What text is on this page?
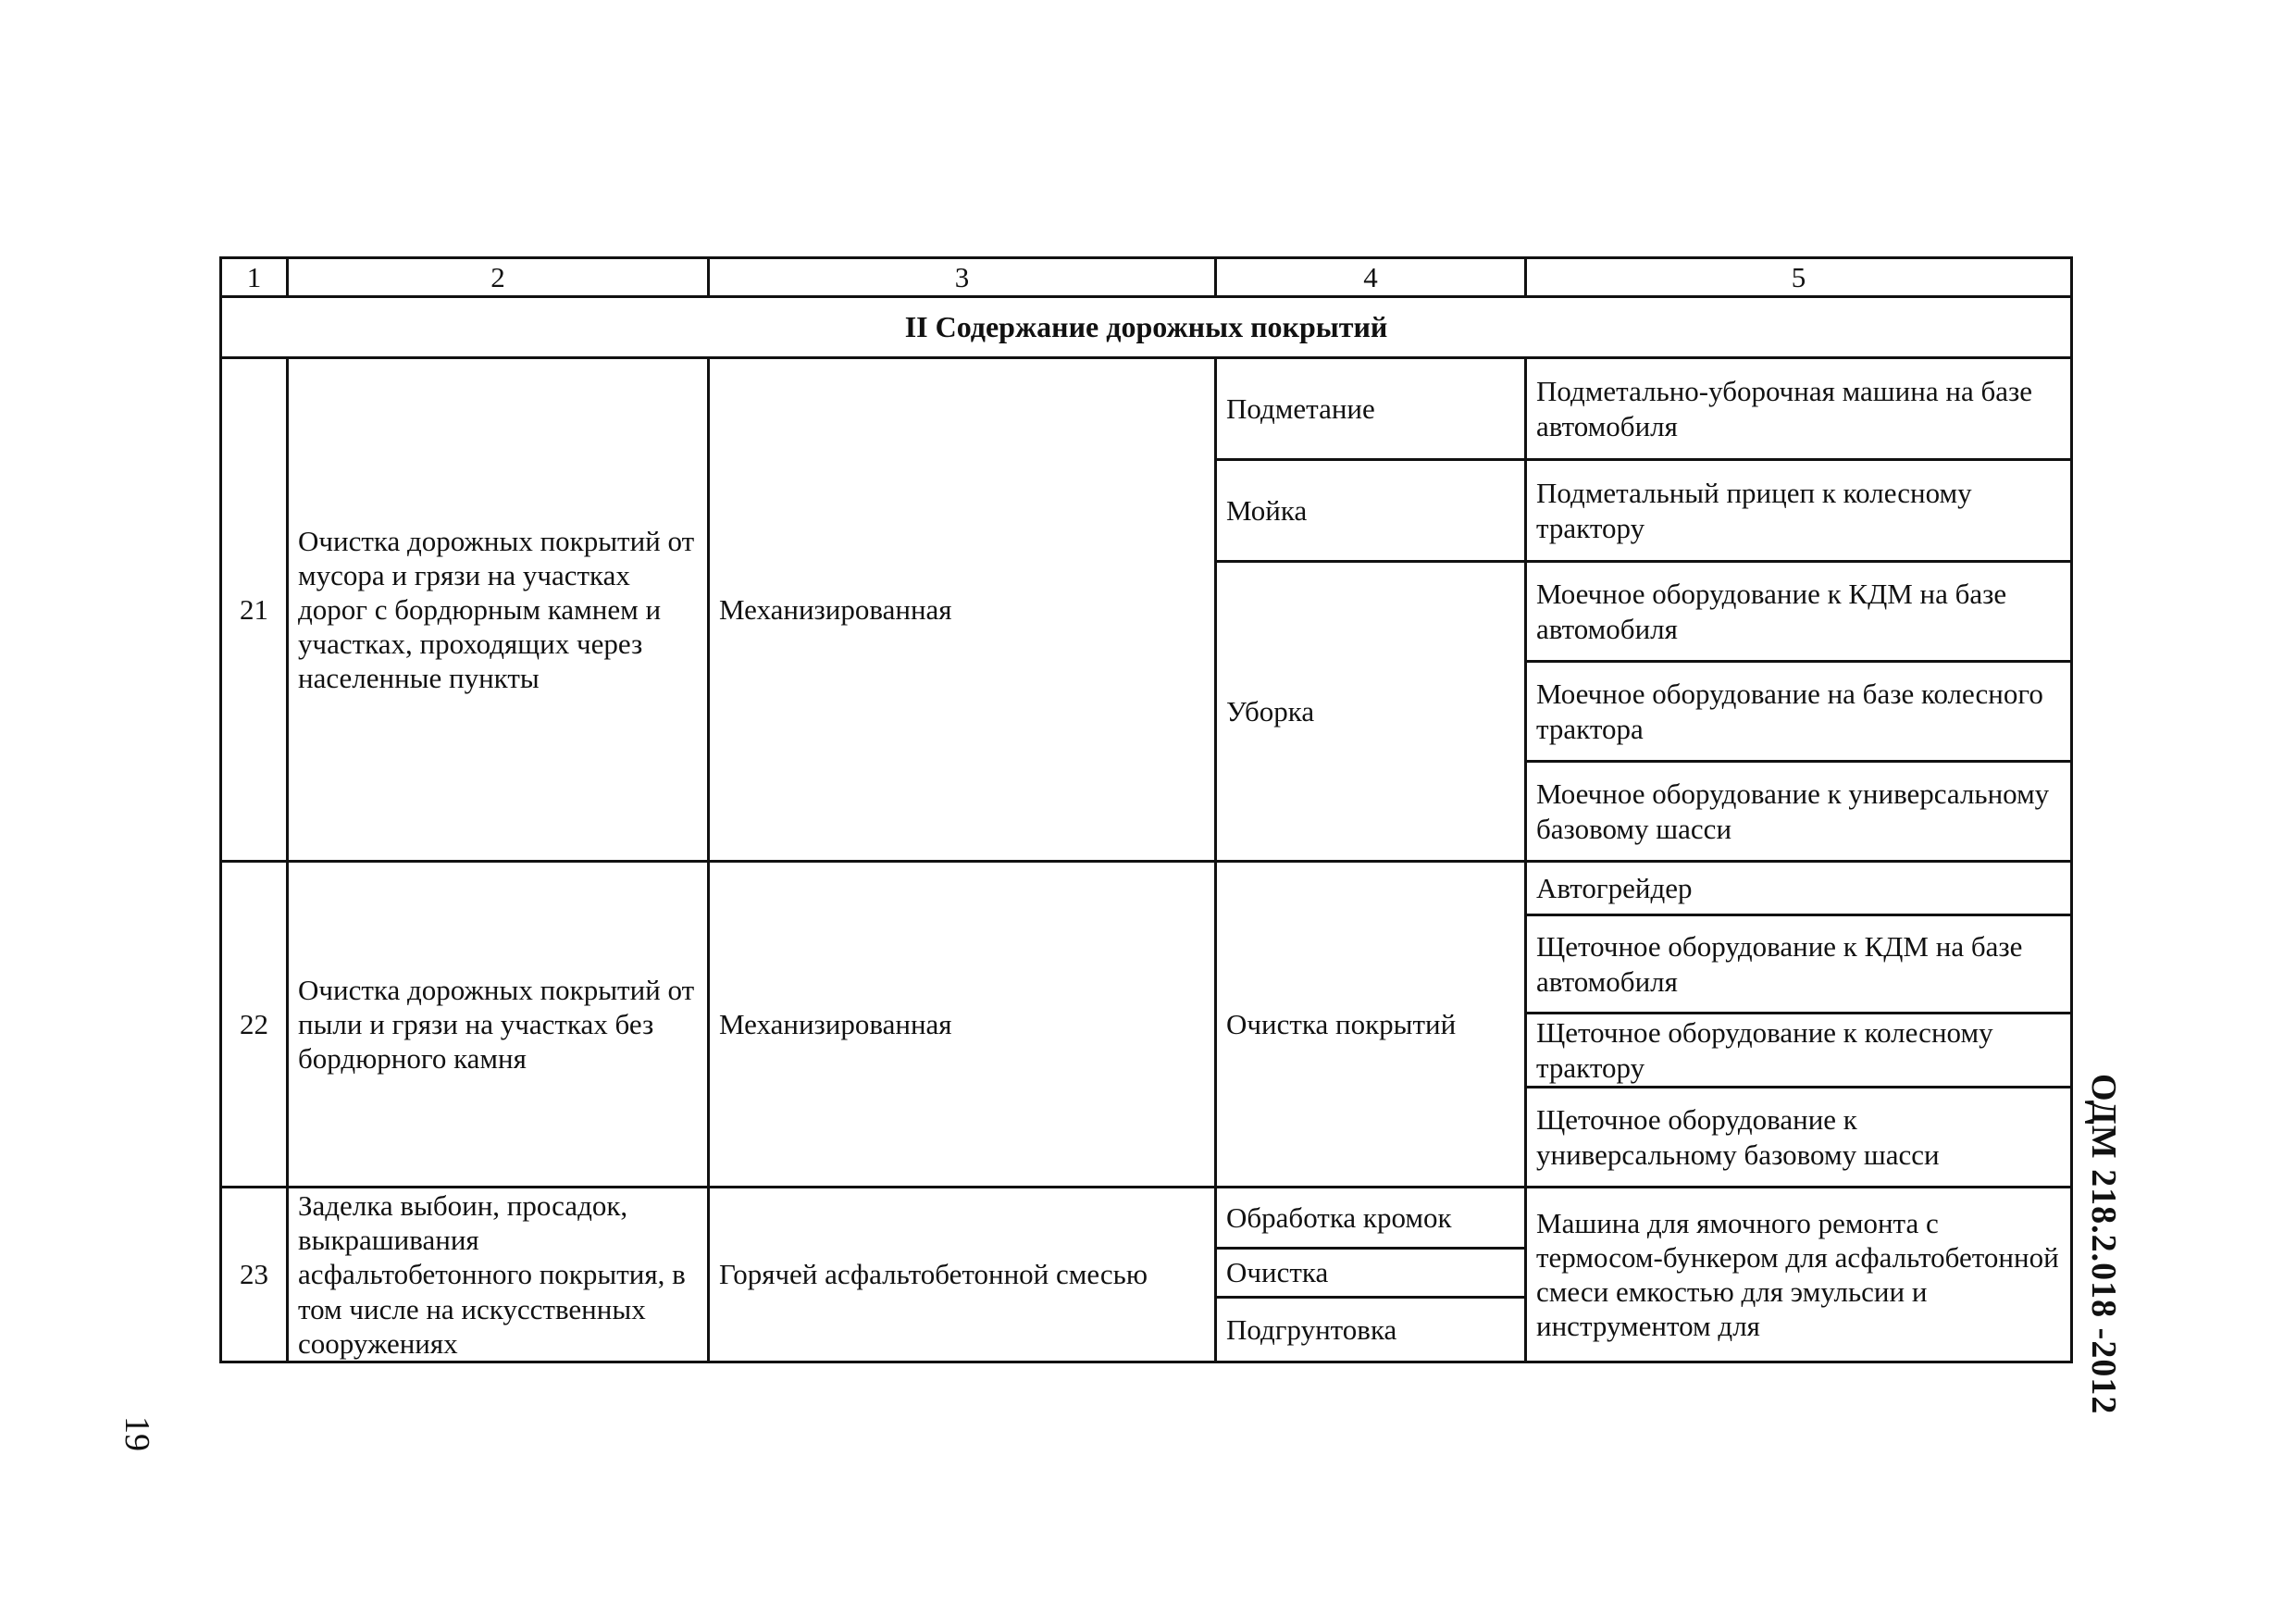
1	2	3	4	5
II Содержание дорожных покрытий				
21	Очистка дорожных покрытий от мусора и грязи на участках дорог с бордюрным камнем и участках, проходящих через населенные пункты	Механизированная	Подметание	Подметально-уборочная машина на базе автомобиля
			Мойка	Подметальный прицеп к колесному трактору
			Уборка	Моечное оборудование к КДМ на базе автомобиля
				Моечное оборудование на базе колесного трактора
				Моечное оборудование к универсальному базовому шасси
22	Очистка дорожных покрытий от пыли и грязи на участках без бордюрного камня	Механизированная	Очистка покрытий	Автогрейдер
				Щеточное оборудование к КДМ на базе автомобиля
				Щеточное оборудование к колесному трактору
				Щеточное оборудование к универсальному базовому шасси
23	Заделка выбоин, просадок, выкрашивания асфальтобетонного покрытия, в том числе на искусственных сооружениях	Горячей асфальтобетонной смесью	Обработка кромок	Машина для ямочного ремонта с термосом-бункером для асфальтобетонной смеси емкостью для эмульсии и инструментом для
			Очистка	
			Подгрунтовка		ОДМ 218.2.018 -2012
19
